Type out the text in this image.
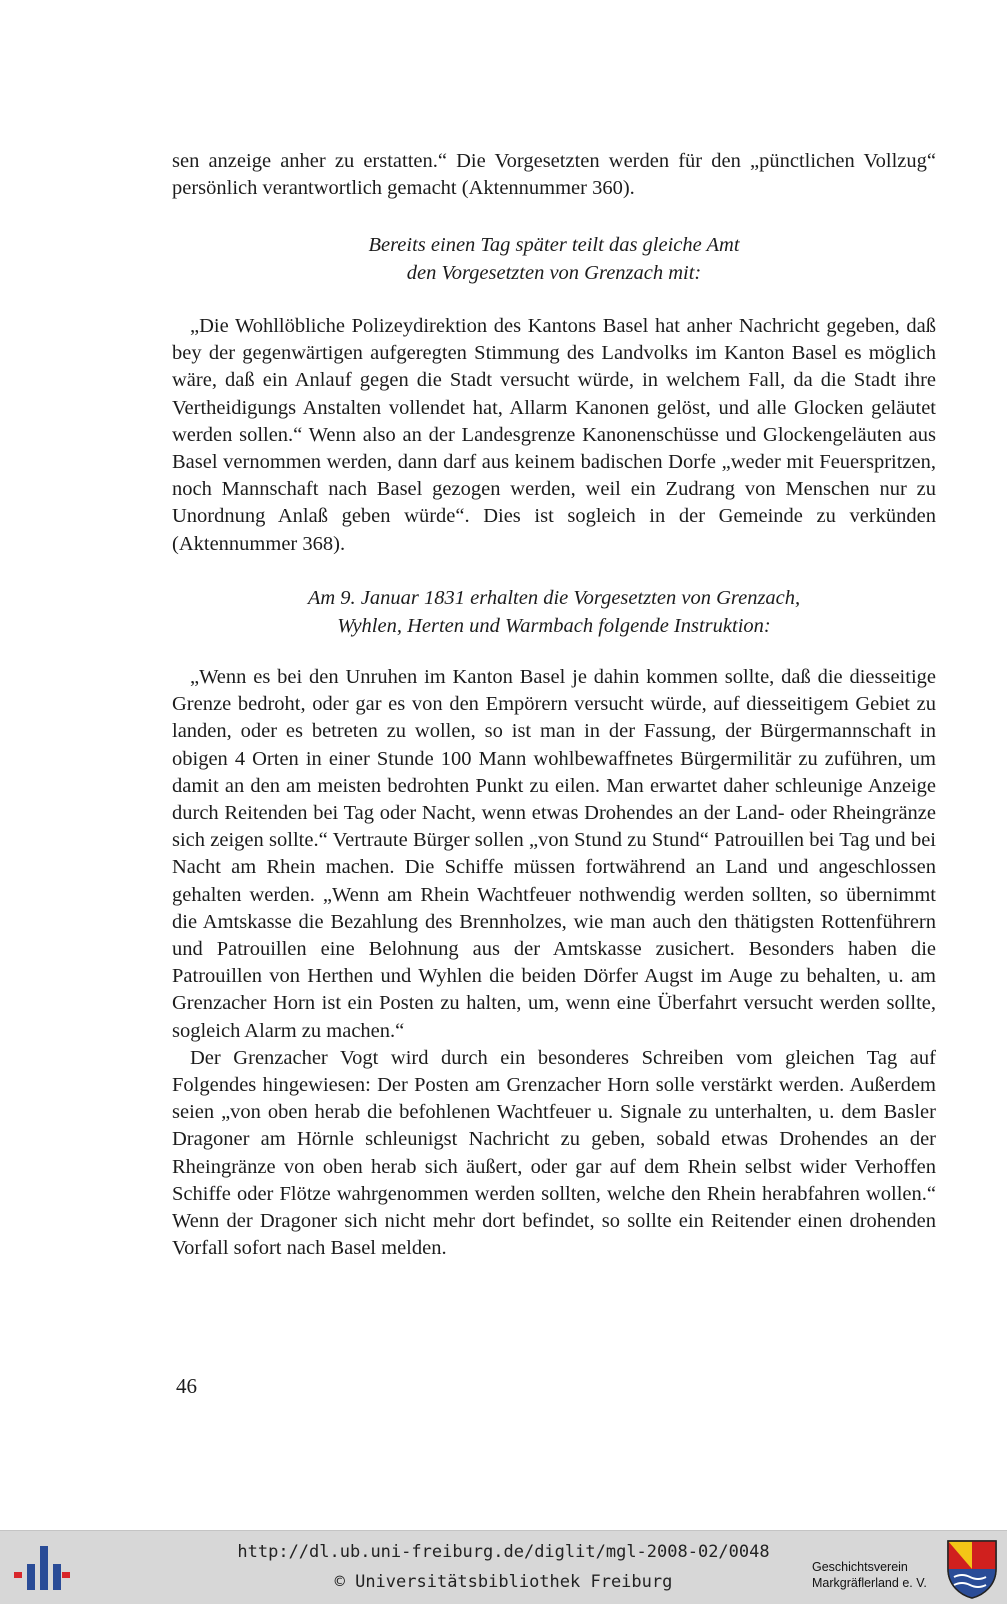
sen anzeige anher zu erstatten.“ Die Vorgesetzten werden für den „pünctlichen Vollzug“ persönlich verantwortlich gemacht (Aktennummer 360).

Bereits einen Tag später teilt das gleiche Amt
den Vorgesetzten von Grenzach mit:

„Die Wohllöbliche Polizeydirektion des Kantons Basel hat anher Nachricht gegeben, daß bey der gegenwärtigen aufgeregten Stimmung des Landvolks im Kanton Basel es möglich wäre, daß ein Anlauf gegen die Stadt versucht würde, in welchem Fall, da die Stadt ihre Vertheidigungs Anstalten vollendet hat, Allarm Kanonen gelöst, und alle Glocken geläutet werden sollen.“ Wenn also an der Landesgrenze Kanonenschüsse und Glockengeläuten aus Basel vernommen werden, dann darf aus keinem badischen Dorfe „weder mit Feuerspritzen, noch Mannschaft nach Basel gezogen werden, weil ein Zudrang von Menschen nur zu Unordnung Anlaß geben würde“. Dies ist sogleich in der Gemeinde zu verkünden (Aktennummer 368).

Am 9. Januar 1831 erhalten die Vorgesetzten von Grenzach,
Wyhlen, Herten und Warmbach folgende Instruktion:

„Wenn es bei den Unruhen im Kanton Basel je dahin kommen sollte, daß die diesseitige Grenze bedroht, oder gar es von den Empörern versucht würde, auf diesseitigem Gebiet zu landen, oder es betreten zu wollen, so ist man in der Fassung, der Bürgermannschaft in obigen 4 Orten in einer Stunde 100 Mann wohlbewaffnetes Bürgermilitär zu zuführen, um damit an den am meisten bedrohten Punkt zu eilen. Man erwartet daher schleunige Anzeige durch Reitenden bei Tag oder Nacht, wenn etwas Drohendes an der Land- oder Rheingränze sich zeigen sollte.“ Vertraute Bürger sollen „von Stund zu Stund“ Patrouillen bei Tag und bei Nacht am Rhein machen. Die Schiffe müssen fortwährend an Land und angeschlossen gehalten werden. „Wenn am Rhein Wachtfeuer nothwendig werden sollten, so übernimmt die Amtskasse die Bezahlung des Brennholzes, wie man auch den thätigsten Rottenführern und Patrouillen eine Belohnung aus der Amtskasse zusichert. Besonders haben die Patrouillen von Herthen und Wyhlen die beiden Dörfer Augst im Auge zu behalten, u. am Grenzacher Horn ist ein Posten zu halten, um, wenn eine Überfahrt versucht werden sollte, sogleich Alarm zu machen.“

Der Grenzacher Vogt wird durch ein besonderes Schreiben vom gleichen Tag auf Folgendes hingewiesen: Der Posten am Grenzacher Horn solle verstärkt werden. Außerdem seien „von oben herab die befohlenen Wachtfeuer u. Signale zu unterhalten, u. dem Basler Dragoner am Hörnle schleunigst Nachricht zu geben, sobald etwas Drohendes an der Rheingränze von oben herab sich äußert, oder gar auf dem Rhein selbst wider Verhoffen Schiffe oder Flötze wahrgenommen werden sollten, welche den Rhein herabfahren wollen.“ Wenn der Dragoner sich nicht mehr dort befindet, so sollte ein Reitender einen drohenden Vorfall sofort nach Basel melden.

46
http://dl.ub.uni-freiburg.de/diglit/mgl-2008-02/0048
© Universitätsbibliothek Freiburg
Geschichtsverein
Markgräflerland e. V.
